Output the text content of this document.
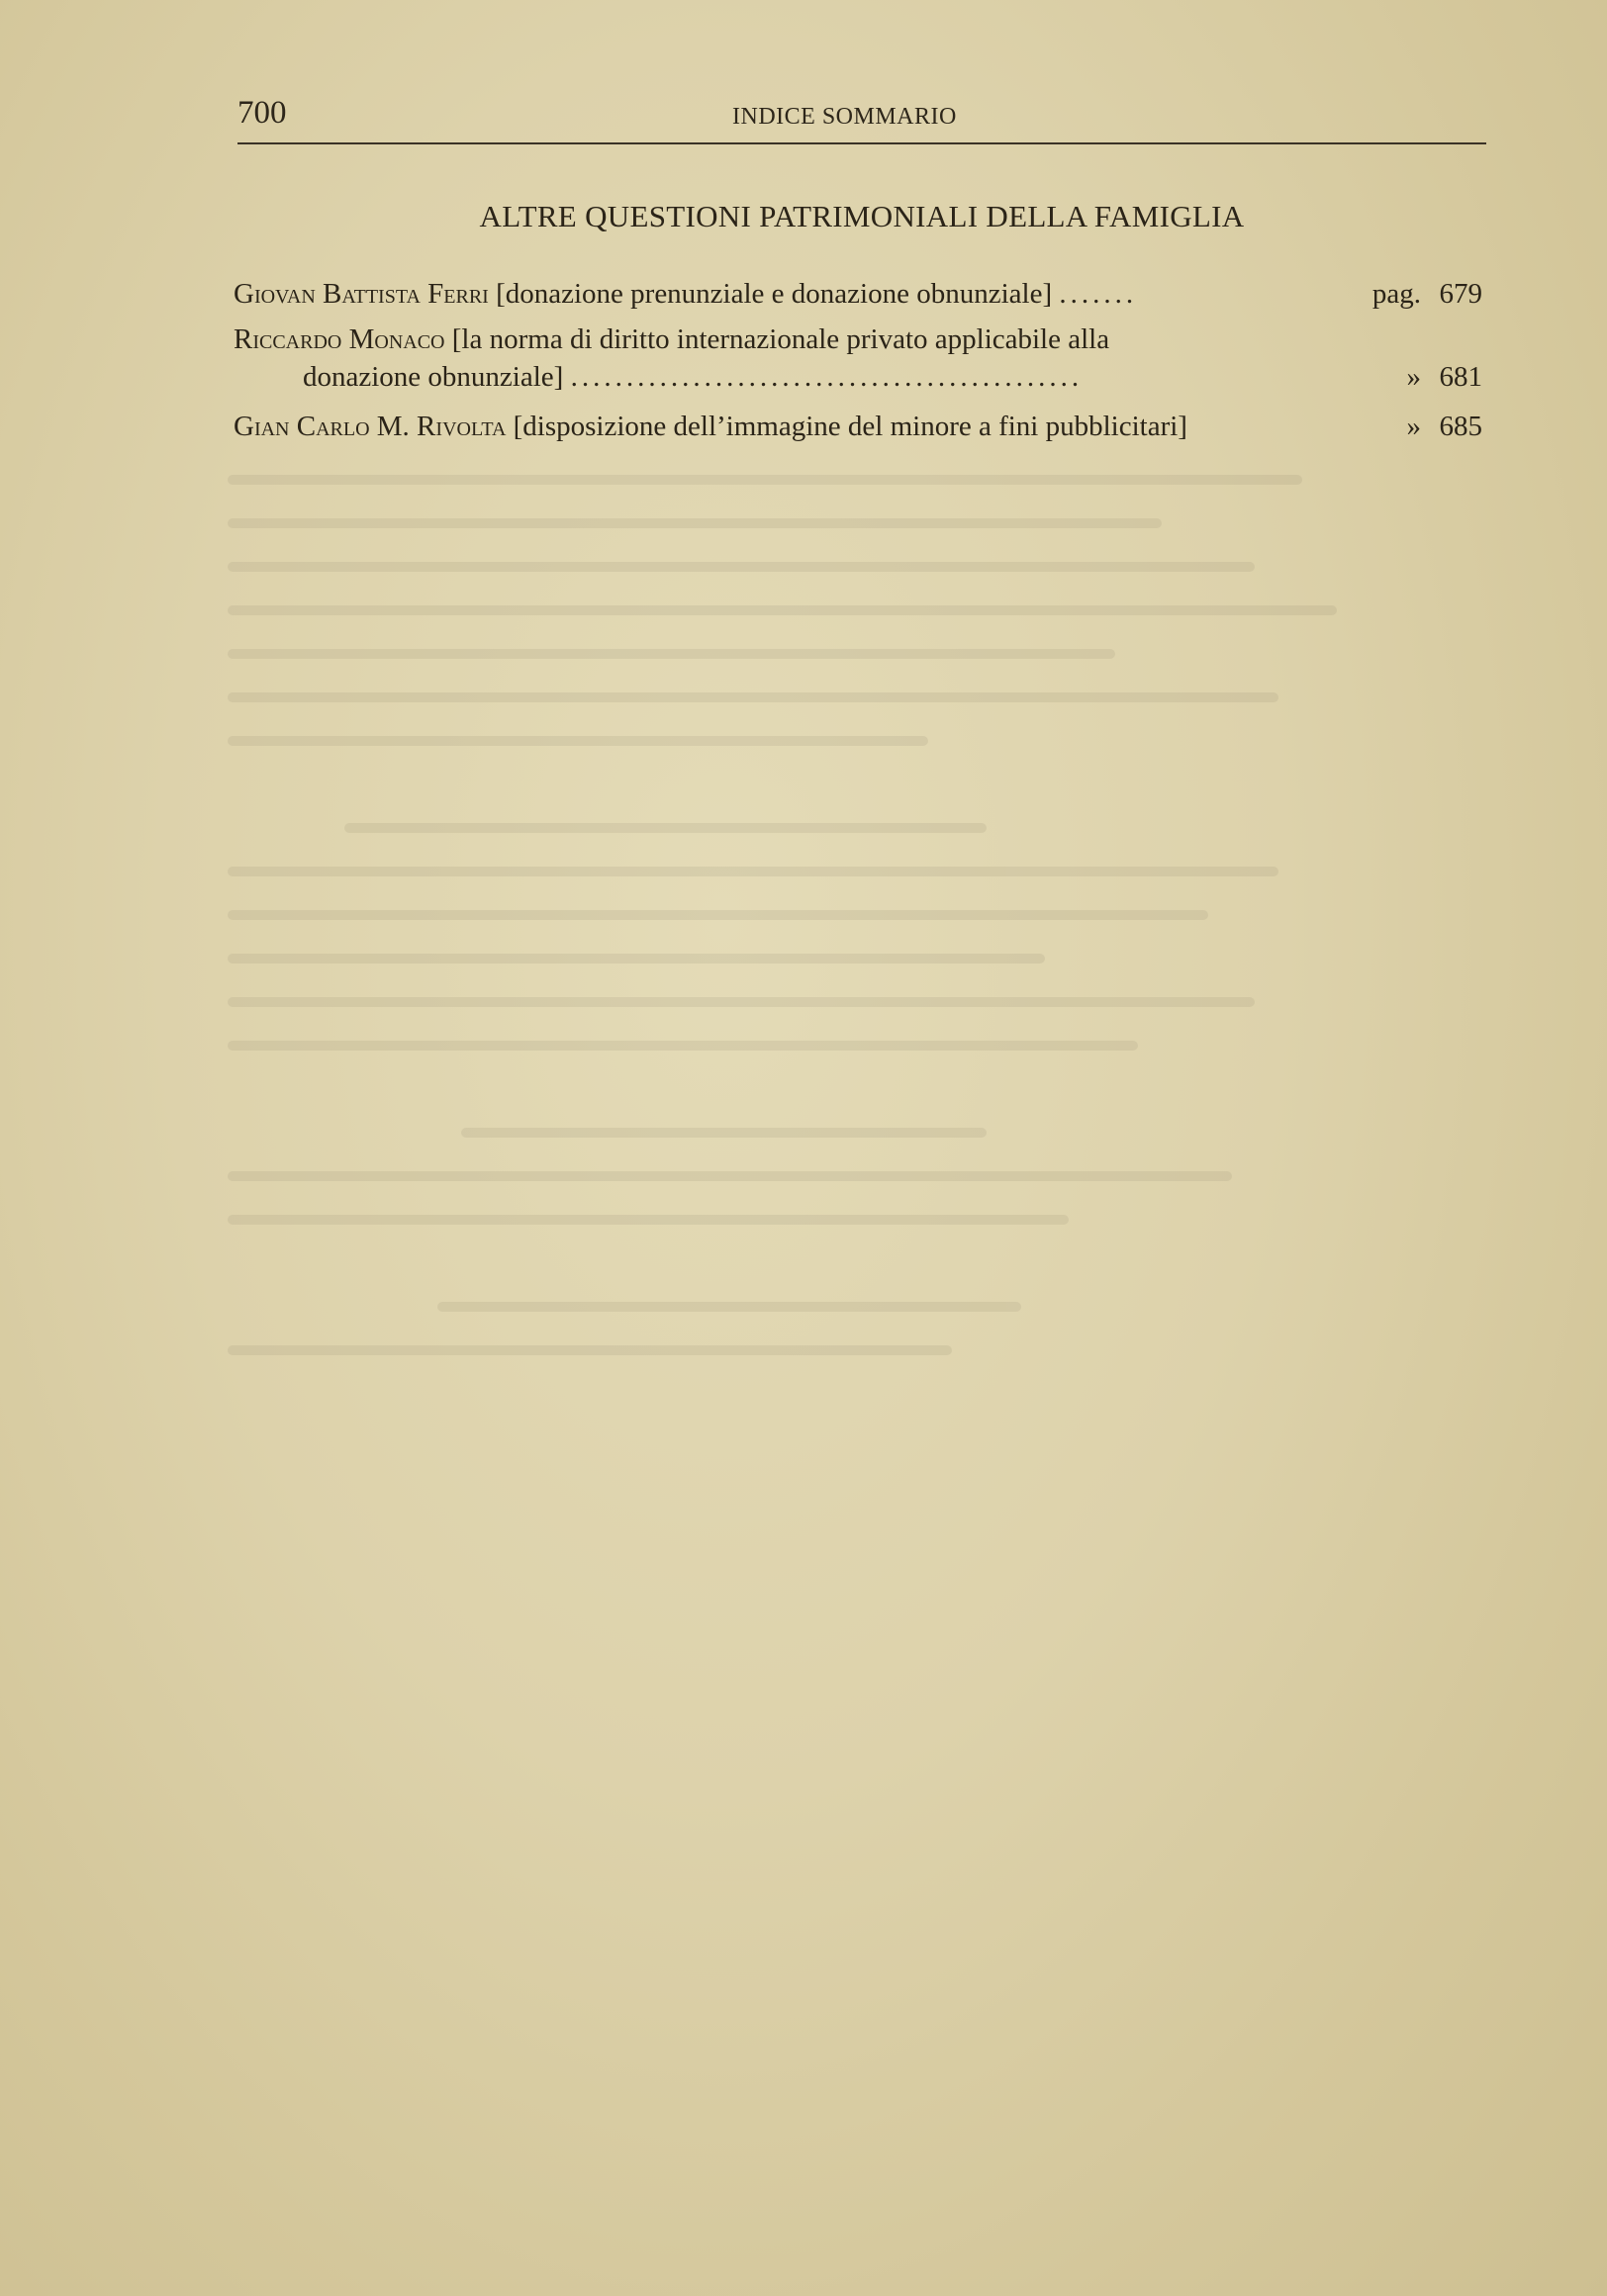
700	INDICE SOMMARIO
ALTRE QUESTIONI PATRIMONIALI DELLA FAMIGLIA
Giovan Battista Ferri [donazione prenunziale e donazione obnunziale] .......	pag. 679
Riccardo Monaco [la norma di diritto internazionale privato applicabile alla
donazione obnunziale] ..............................................	» 681
Gian Carlo M. Rivolta [disposizione dell’immagine del minore a fini pubblicitari]	» 685
